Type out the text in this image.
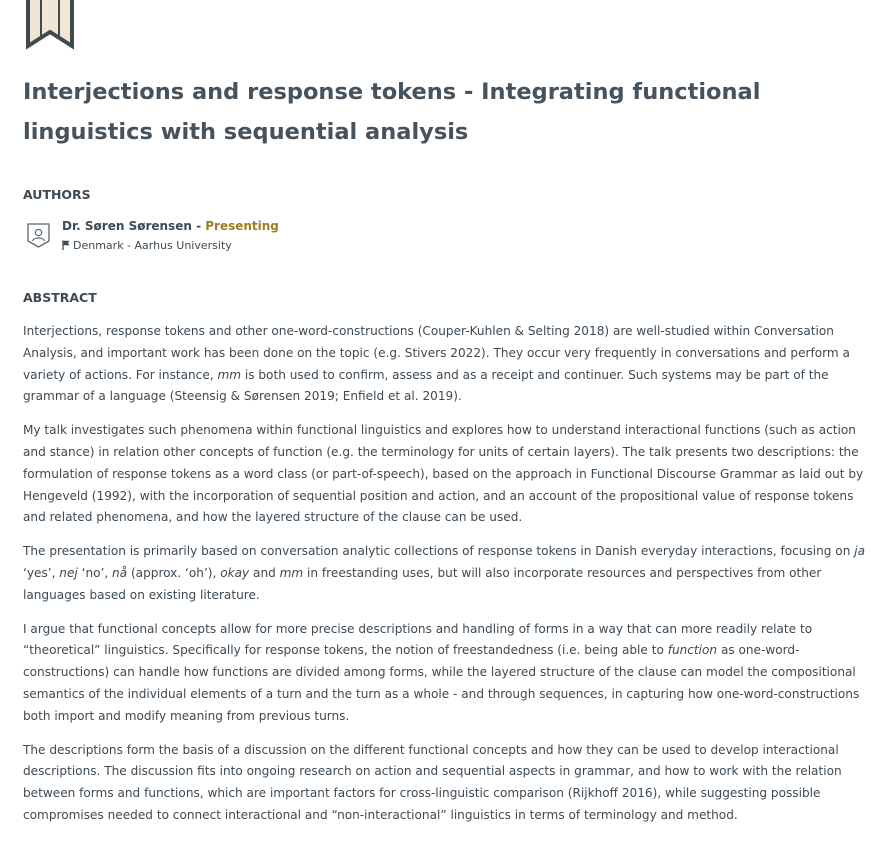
Interjections and response tokens - Integrating functional linguistics with sequential analysis
AUTHORS
Dr. Søren Sørensen - Presenting
Denmark - Aarhus University
ABSTRACT

Interjections, response tokens and other one-word-constructions (Couper-Kuhlen & Selting 2018) are well-studied within Conversation Analysis, and important work has been done on the topic (e.g. Stivers 2022). They occur very frequently in conversations and perform a variety of actions. For instance, mm is both used to confirm, assess and as a receipt and continuer. Such systems may be part of the grammar of a language (Steensig & Sørensen 2019; Enfield et al. 2019).

My talk investigates such phenomena within functional linguistics and explores how to understand interactional functions (such as action and stance) in relation other concepts of function (e.g. the terminology for units of certain layers). The talk presents two descriptions: the formulation of response tokens as a word class (or part-of-speech), based on the approach in Functional Discourse Grammar as laid out by Hengeveld (1992), with the incorporation of sequential position and action, and an account of the propositional value of response tokens and related phenomena, and how the layered structure of the clause can be used.

The presentation is primarily based on conversation analytic collections of response tokens in Danish everyday interactions, focusing on ja ‘yes’, nej ‘no’, nå (approx. ‘oh’), okay and mm in freestanding uses, but will also incorporate resources and perspectives from other languages based on existing literature.

I argue that functional concepts allow for more precise descriptions and handling of forms in a way that can more readily relate to “theoretical” linguistics. Specifically for response tokens, the notion of freestandedness (i.e. being able to function as one-word-constructions) can handle how functions are divided among forms, while the layered structure of the clause can model the compositional semantics of the individual elements of a turn and the turn as a whole - and through sequences, in capturing how one-word-constructions both import and modify meaning from previous turns.

The descriptions form the basis of a discussion on the different functional concepts and how they can be used to develop interactional descriptions. The discussion fits into ongoing research on action and sequential aspects in grammar, and how to work with the relation between forms and functions, which are important factors for cross-linguistic comparison (Rijkhoff 2016), while suggesting possible compromises needed to connect interactional and “non-interactional” linguistics in terms of terminology and method.
